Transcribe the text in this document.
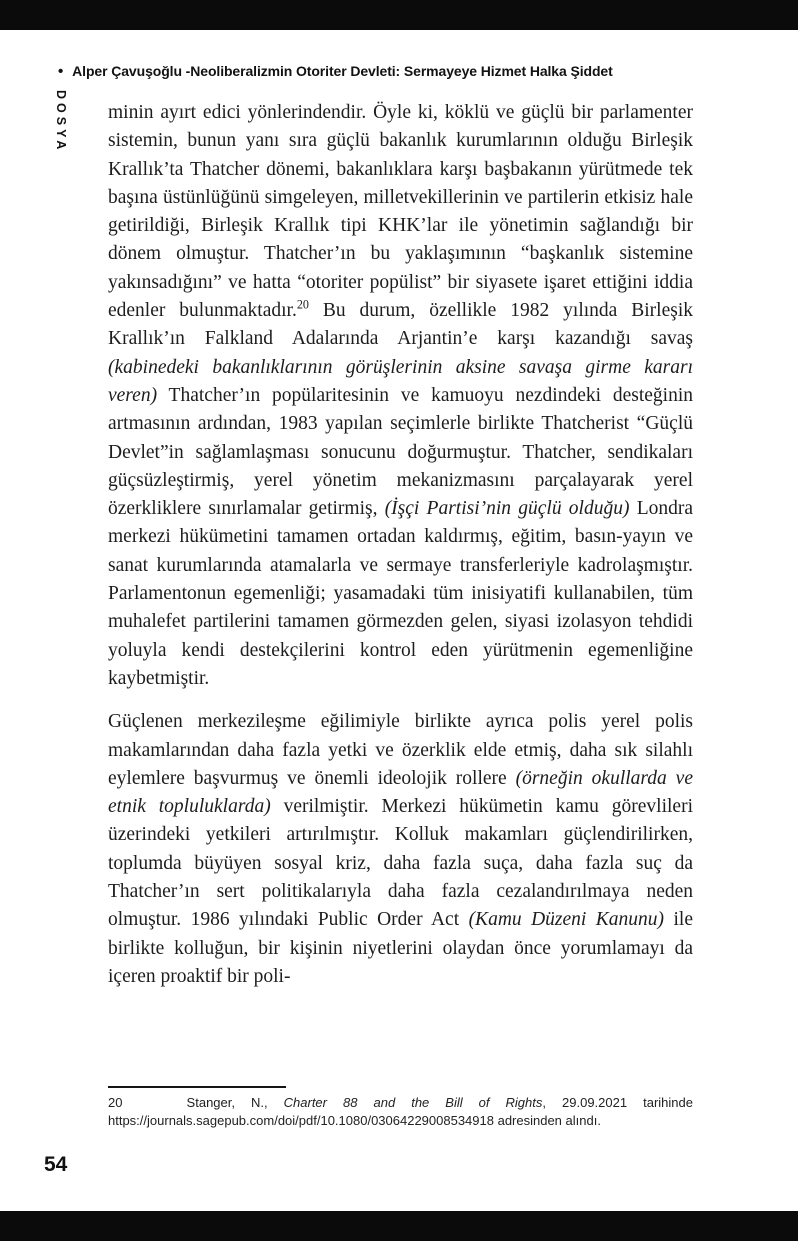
• Alper Çavuşoğlu - Neoliberalizmin Otoriter Devleti: Sermayeye Hizmet Halka Şiddet
DOSYA minin ayırt edici yönlerindendir. Öyle ki, köklü ve güçlü bir parlamenter sistemin, bunun yanı sıra güçlü bakanlık kurumlarının olduğu Birleşik Krallık’ta Thatcher dönemi, bakanlıklara karşı başbakanın yürütmede tek başına üstünlüğünü simgeleyen, milletvekillerinin ve partilerin etkisiz hale getirildiği, Birleşik Krallık tipi KHK’lar ile yönetimin sağlandığı bir dönem olmuştur. Thatcher’ın bu yaklaşımının “başkanlık sistemine yakınsadığını” ve hatta “otoriter popülist” bir siyasete işaret ettiğini iddia edenler bulunmaktadır.$^{20}$ Bu durum, özellikle 1982 yılında Birleşik Krallık’ın Falkland Adalarında Arjantin’e karşı kazandığı savaş (kabinedeki bakanlıklarının görüşlerinin aksine savaşa girme kararı veren) Thatcher’ın popülaritesinin ve kamuoyu nezdindeki desteğinin artmasının ardından, 1983 yapılan seçimlerle birlikte Thatcherist “Güçlü Devlet”in sağlamlaşması sonucunu doğurmuştur. Thatcher, sendikaları güçsüzleştirmiş, yerel yönetim mekanizmasını parçalayarak yerel özerkliklere sınırlamalar getirmiş, (İşçi Partisi’nin güçlü olduğu) Londra merkezi hükümetini tamamen ortadan kaldırmış, eğitim, basın-yayın ve sanat kurumlarında atamalarla ve sermaye transferleriyle kadrolaşmıştır. Parlamentonun egemenliği; yasamadaki tüm inisiyatifi kullanabilen, tüm muhalefet partilerini tamamen görmezden gelen, siyasi izolasyon tehdidi yoluyla kendi destekçilerini kontrol eden yürütmenin egemenliğine kaybetmiştir.

Güçlenen merkezileşme eğilimiyle birlikte ayrıca polis yerel polis makamlarından daha fazla yetki ve özerklik elde etmiş, daha sık silahlı eylemlere başvurmuş ve önemli ideolojik rollere (örneğin okullarda ve etnik topluluklarda) verilmiştir. Merkezi hükümetin kamu görevlileri üzerindeki yetkileri artırılmıştır. Kolluk makamları güçlendirilirken, toplumda büyüyen sosyal kriz, daha fazla suça, daha fazla suç da Thatcher’ın sert politikalarıyla daha fazla cezalandırılmaya neden olmuştur. 1986 yılındaki Public Order Act (Kamu Düzeni Kanunu) ile birlikte kolluğun, bir kişinin niyetlerini olaydan önce yorumlamayı da içeren proaktif bir poli-

20    Stanger, N., Charter 88 and the Bill of Rights, 29.09.2021 tarihinde https://journals.sagepub.com/doi/pdf/10.1080/03064229008534918 adresinden alındı.

54
